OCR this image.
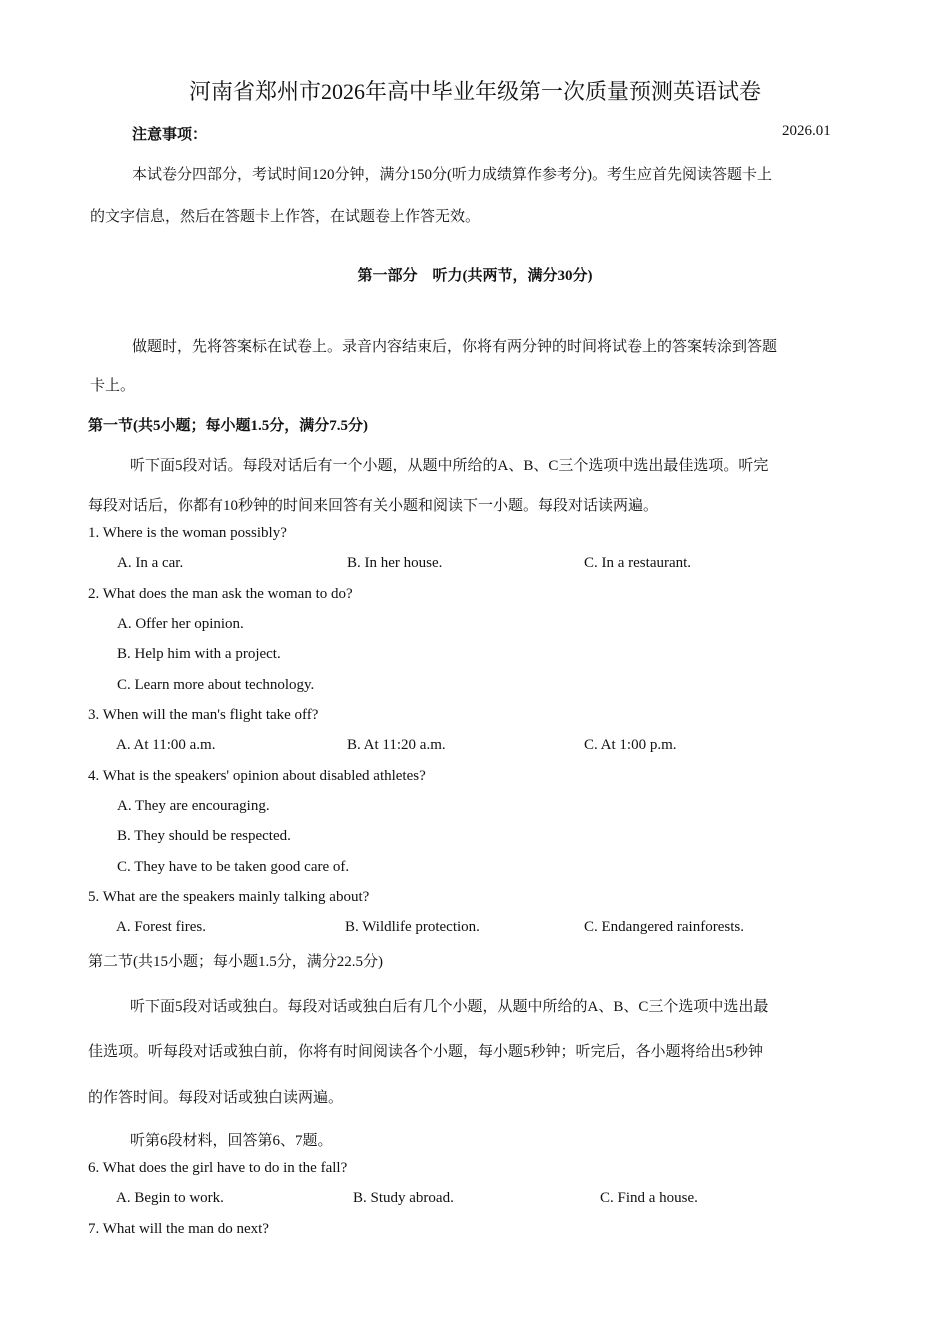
河南省郑州市2026年高中毕业年级第一次质量预测英语试卷
注意事项：	2026.01
本试卷分四部分，考试时间120分钟，满分150分(听力成绩算作参考分)。考生应首先阅读答题卡上
的文字信息，然后在答题卡上作答，在试题卷上作答无效。
第一部分　听力(共两节，满分30分)
做题时，先将答案标在试卷上。录音内容结束后，你将有两分钟的时间将试卷上的答案转涂到答题
卡上。
第一节(共5小题；每小题1.5分，满分7.5分)
听下面5段对话。每段对话后有一个小题，从题中所给的A、B、C三个选项中选出最佳选项。听完
每段对话后，你都有10秒钟的时间来回答有关小题和阅读下一小题。每段对话读两遍。
1. Where is the woman possibly?
A. In a car.	B. In her house.	C. In a restaurant.
2. What does the man ask the woman to do?
A. Offer her opinion.
B. Help him with a project.
C. Learn more about technology.
3. When will the man's flight take off?
A. At 11:00 a.m.	B. At 11:20 a.m.	C. At 1:00 p.m.
4. What is the speakers' opinion about disabled athletes?
A. They are encouraging.
B. They should be respected.
C. They have to be taken good care of.
5. What are the speakers mainly talking about?
A. Forest fires.	B. Wildlife protection.	C. Endangered rainforests.
第二节(共15小题；每小题1.5分，满分22.5分)
听下面5段对话或独白。每段对话或独白后有几个小题，从题中所给的A、B、C三个选项中选出最
佳选项。听每段对话或独白前，你将有时间阅读各个小题，每小题5秒钟；听完后，各小题将给出5秒钟
的作答时间。每段对话或独白读两遍。
听第6段材料，回答第6、7题。
6. What does the girl have to do in the fall?
A. Begin to work.	B. Study abroad.	C. Find a house.
7. What will the man do next?
